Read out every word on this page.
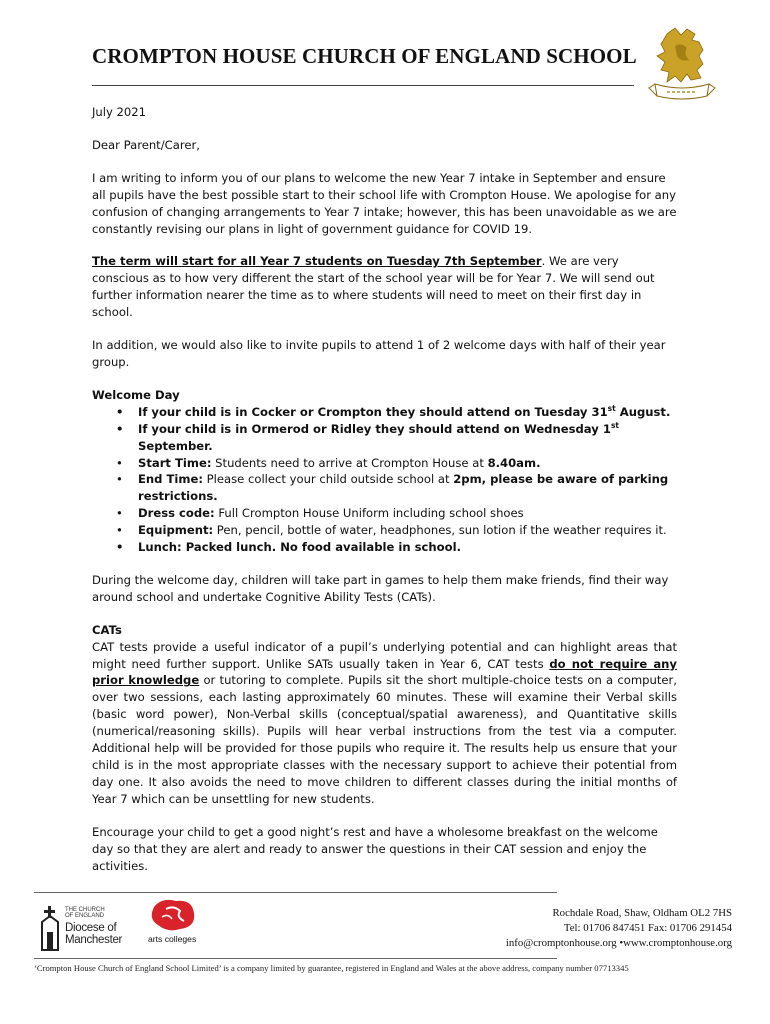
CROMPTON HOUSE CHURCH OF ENGLAND SCHOOL

July 2021

Dear Parent/Carer,

I am writing to inform you of our plans to welcome the new Year 7 intake in September and ensure all pupils have the best possible start to their school life with Crompton House. We apologise for any confusion of changing arrangements to Year 7 intake; however, this has been unavoidable as we are constantly revising our plans in light of government guidance for COVID 19.

The term will start for all Year 7 students on Tuesday 7th September. We are very conscious as to how very different the start of the school year will be for Year 7. We will send out further information nearer the time as to where students will need to meet on their first day in school.

In addition, we would also like to invite pupils to attend 1 of 2 welcome days with half of their year group.

Welcome Day
• If your child is in Cocker or Crompton they should attend on Tuesday 31st August.
• If your child is in Ormerod or Ridley they should attend on Wednesday 1st September.
• Start Time: Students need to arrive at Crompton House at 8.40am.
• End Time: Please collect your child outside school at 2pm, please be aware of parking restrictions.
• Dress code: Full Crompton House Uniform including school shoes
• Equipment: Pen, pencil, bottle of water, headphones, sun lotion if the weather requires it.
• Lunch: Packed lunch. No food available in school.

During the welcome day, children will take part in games to help them make friends, find their way around school and undertake Cognitive Ability Tests (CATs).

CATs

CAT tests provide a useful indicator of a pupil’s underlying potential and can highlight areas that might need further support. Unlike SATs usually taken in Year 6, CAT tests do not require any prior knowledge or tutoring to complete. Pupils sit the short multiple-choice tests on a computer, over two sessions, each lasting approximately 60 minutes. These will examine their Verbal skills (basic word power), Non-Verbal skills (conceptual/spatial awareness), and Quantitative skills (numerical/reasoning skills). Pupils will hear verbal instructions from the test via a computer. Additional help will be provided for those pupils who require it. The results help us ensure that your child is in the most appropriate classes with the necessary support to achieve their potential from day one. It also avoids the need to move children to different classes during the initial months of Year 7 which can be unsettling for new students.

Encourage your child to get a good night’s rest and have a wholesome breakfast on the welcome day so that they are alert and ready to answer the questions in their CAT session and enjoy the activities.

THE CHURCH
OF ENGLAND
Diocese of
Manchester	arts colleges
Rochdale Road, Shaw, Oldham OL2 7HS
Tel: 01706 847451 Fax: 01706 291454
info@cromptonhouse.org •www.cromptonhouse.org
‘Crompton House Church of England School Limited’ is a company limited by guarantee, registered in England and Wales at the above address, company number 07713345
